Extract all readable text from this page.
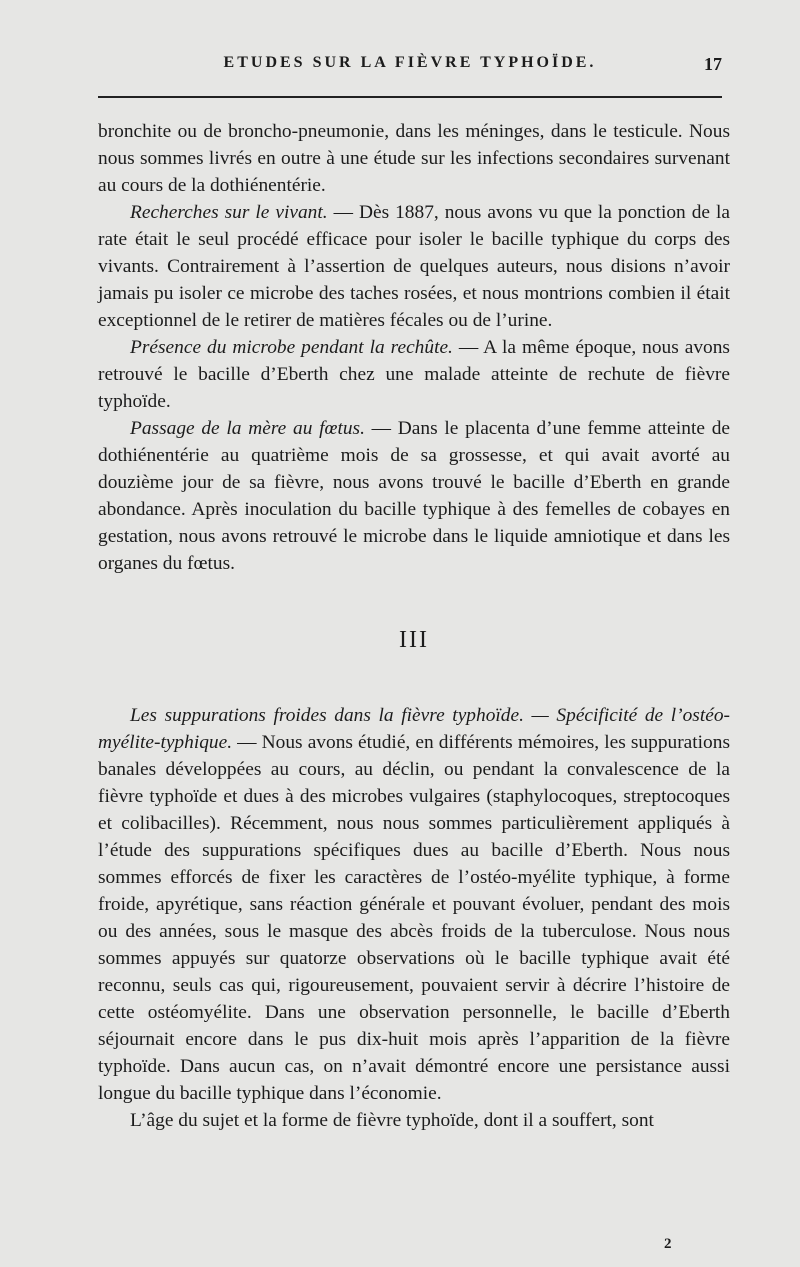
ETUDES SUR LA FIÈVRE TYPHOÏDE.	17

bronchite ou de broncho-pneumonie, dans les méninges, dans le testicule. Nous nous sommes livrés en outre à une étude sur les infections secondaires survenant au cours de la dothiénentérie.

Recherches sur le vivant. — Dès 1887, nous avons vu que la ponction de la rate était le seul procédé efficace pour isoler le bacille typhique du corps des vivants. Contrairement à l’assertion de quelques auteurs, nous disions n’avoir jamais pu isoler ce microbe des taches rosées, et nous montrions combien il était exceptionnel de le retirer de matières fécales ou de l’urine.

Présence du microbe pendant la rechûte. — A la même époque, nous avons retrouvé le bacille d’Eberth chez une malade atteinte de rechute de fièvre typhoïde.

Passage de la mère au fœtus. — Dans le placenta d’une femme atteinte de dothiénentérie au quatrième mois de sa grossesse, et qui avait avorté au douzième jour de sa fièvre, nous avons trouvé le bacille d’Eberth en grande abondance. Après inoculation du bacille typhique à des femelles de cobayes en gestation, nous avons retrouvé le microbe dans le liquide amniotique et dans les organes du fœtus.

III

Les suppurations froides dans la fièvre typhoïde. — Spécificité de l’ostéo-myélite-typhique. — Nous avons étudié, en différents mémoires, les suppurations banales développées au cours, au déclin, ou pendant la convalescence de la fièvre typhoïde et dues à des microbes vulgaires (staphylocoques, streptocoques et colibacilles). Récemment, nous nous sommes particulièrement appliqués à l’étude des suppurations spécifiques dues au bacille d’Eberth. Nous nous sommes efforcés de fixer les caractères de l’ostéo-myélite typhique, à forme froide, apyrétique, sans réaction générale et pouvant évoluer, pendant des mois ou des années, sous le masque des abcès froids de la tuberculose. Nous nous sommes appuyés sur quatorze observations où le bacille typhique avait été reconnu, seuls cas qui, rigoureusement, pouvaient servir à décrire l’histoire de cette ostéomyélite. Dans une observation personnelle, le bacille d’Eberth séjournait encore dans le pus dix-huit mois après l’apparition de la fièvre typhoïde. Dans aucun cas, on n’avait démontré encore une persistance aussi longue du bacille typhique dans l’économie.

L’âge du sujet et la forme de fièvre typhoïde, dont il a souffert, sont

2
